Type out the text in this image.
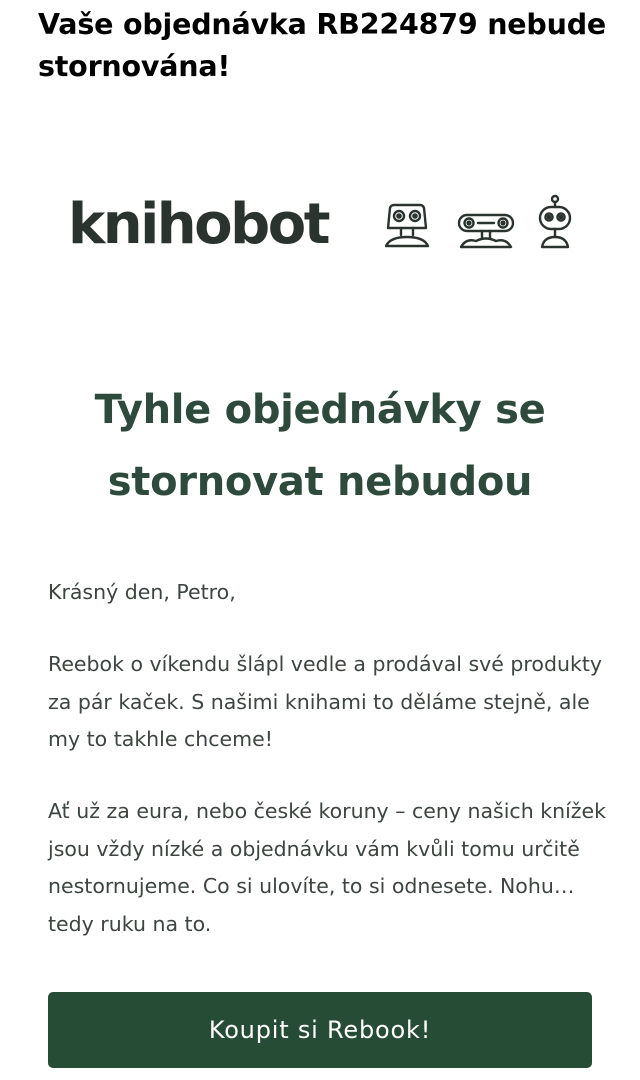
Vaše objednávka RB224879 nebude stornována!
knihobot
Tyhle objednávky se stornovat nebudou

Krásný den, Petro,

Reebok o víkendu šlápl vedle a prodával své produkty za pár kaček. S našimi knihami to děláme stejně, ale my to takhle chceme!

Ať už za eura, nebo české koruny – ceny našich knížek jsou vždy nízké a objednávku vám kvůli tomu určitě nestornujeme. Co si ulovíte, to si odnesete. Nohu… tedy ruku na to.

Koupit si Rebook!
